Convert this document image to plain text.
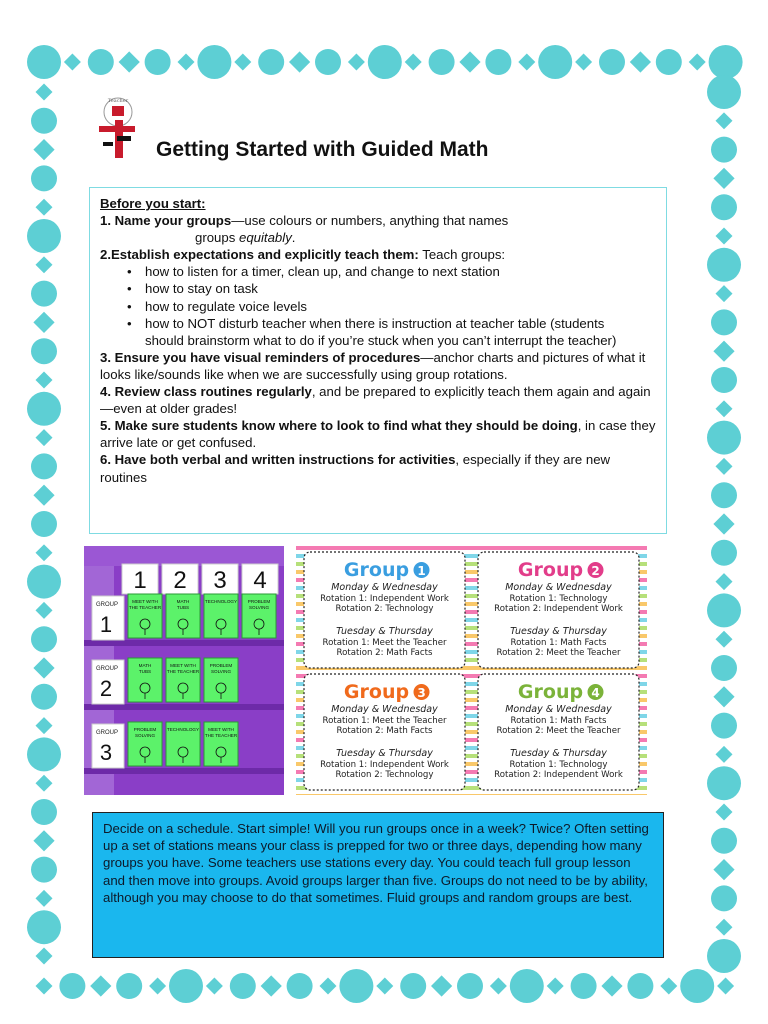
Teacher
Getting Started with Guided Math

Before you start:

1. Name your groups—use colours or numbers, anything that names

groups equitably.

2.Establish expectations and explicitly teach them: Teach groups:

• how to listen for a timer, clean up, and change to next station
• how to stay on task
• how to regulate voice levels
• how to NOT disturb teacher when there is instruction at teacher table (students should brainstorm what to do if you’re stuck when you can’t interrupt the teacher)

3. Ensure you have visual reminders of procedures—anchor charts and pictures of what it looks like/sounds like when we are successfully using group rotations.

4. Review class routines regularly, and be prepared to explicitly teach them again and again—even at older grades!

5. Make sure students know where to look to find what they should be doing, in case they arrive late or get confused.

6. Have both verbal and written instructions for activities, especially if they are new routines

1 2 3 4
GROUP
1
MEET WITH
THE TEACHER
MATH
TUBS
TECHNOLOGY PROBLEM
SOLVING
GROUP
2
MATH
TUBS
MEET WITH
THE TEACHER
PROBLEM
SOLVING
GROUP
3
PROBLEM
SOLVING
TECHNOLOGY MEET WITH
THE TEACHER
Group 1
Monday & Wednesday
Rotation 1: Independent Work
Rotation 2: Technology
Tuesday & Thursday
Rotation 1: Meet the Teacher
Rotation 2: Math Facts
Group 2
Monday & Wednesday
Rotation 1: Technology
Rotation 2: Independent Work
Tuesday & Thursday
Rotation 1: Math Facts
Rotation 2: Meet the Teacher
Group 3
Monday & Wednesday
Rotation 1: Meet the Teacher
Rotation 2: Math Facts
Tuesday & Thursday
Rotation 1: Independent Work
Rotation 2: Technology
Group 4
Monday & Wednesday
Rotation 1: Math Facts
Rotation 2: Meet the Teacher
Tuesday & Thursday
Rotation 1: Technology
Rotation 2: Independent Work

Decide on a schedule. Start simple! Will you run groups once in a week? Twice? Often setting up a set of stations means your class is prepped for two or three days, depending how many groups you have. Some teachers use stations every day. You could teach full group lesson and then move into groups. Avoid groups larger than five. Groups do not need to be by ability, although you may choose to do that sometimes. Fluid groups and random groups are best.
